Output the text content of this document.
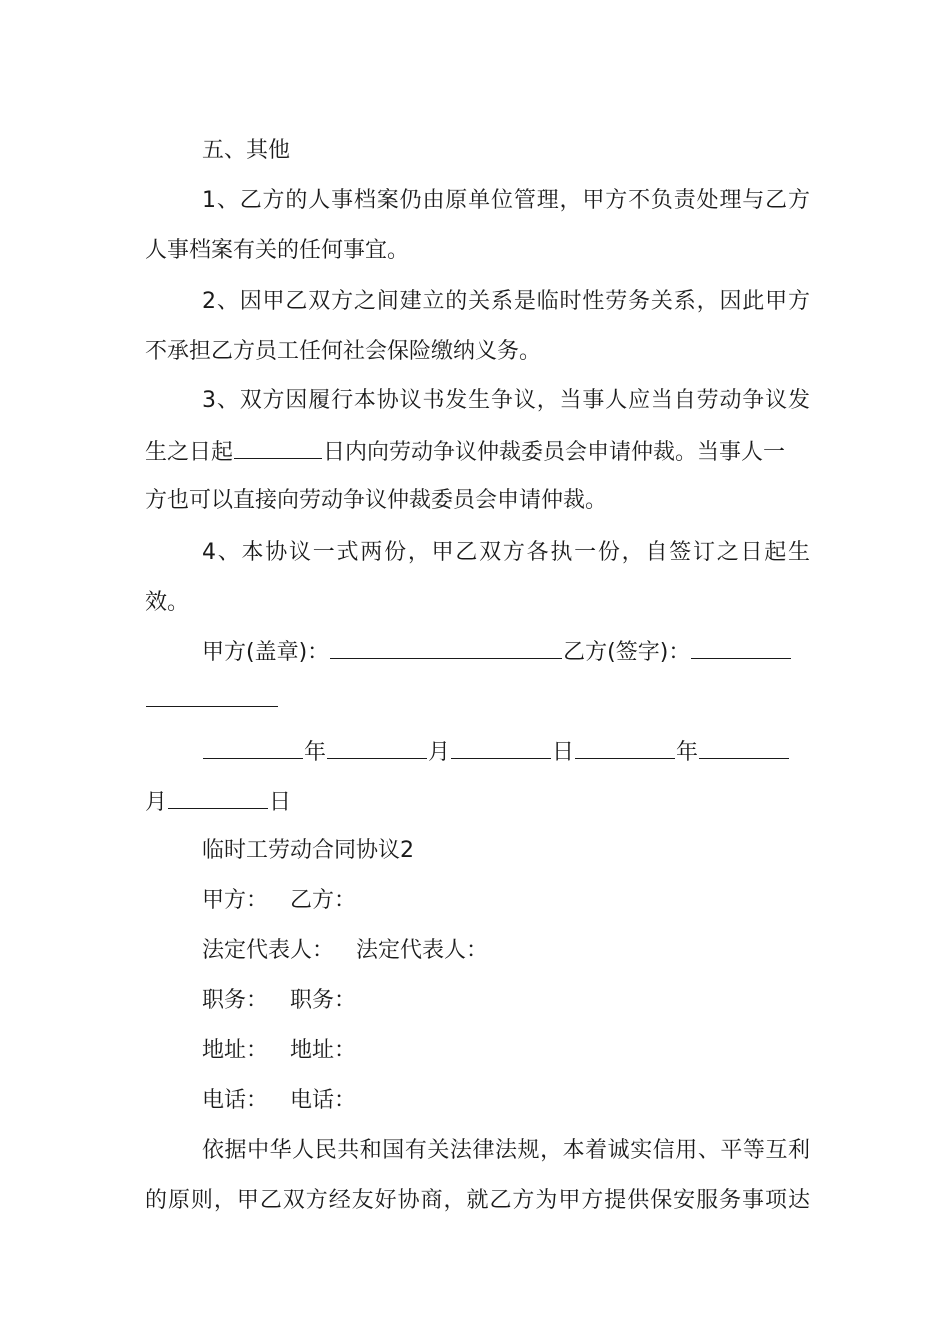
五、其他
1、乙方的人事档案仍由原单位管理，甲方不负责处理与乙方
人事档案有关的任何事宜。
2、因甲乙双方之间建立的关系是临时性劳务关系，因此甲方
不承担乙方员工任何社会保险缴纳义务。
3、双方因履行本协议书发生争议，当事人应当自劳动争议发
生之日起	日内向劳动争议仲裁委员会申请仲裁。当事人一
方也可以直接向劳动争议仲裁委员会申请仲裁。
4、本协议一式两份，甲乙双方各执一份，自签订之日起生
效。
甲方(盖章)：	乙方(签字)：
年	月	日	年
月	日
临时工劳动合同协议2
甲方： 乙方：
法定代表人： 法定代表人：
职务： 职务：
地址： 地址：
电话： 电话：
依据中华人民共和国有关法律法规，本着诚实信用、平等互利
的原则，甲乙双方经友好协商，就乙方为甲方提供保安服务事项达
